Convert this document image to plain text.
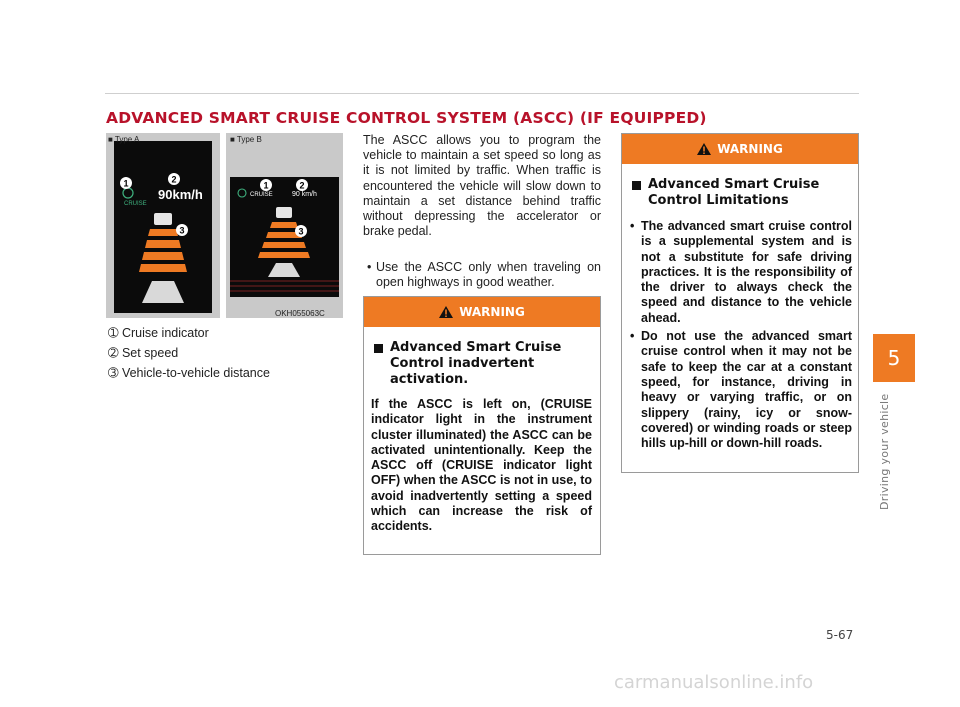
ADVANCED SMART CRUISE CONTROL SYSTEM (ASCC) (IF EQUIPPED)
CRUISE
90km/h
■ Type A
CRUISE	90 km/h
■ Type B
1	2
3
1	2
3
OKH055063C
➀ Cruise indicator
➁ Set speed
➂ Vehicle-to-vehicle distance
The ASCC allows you to program the vehicle to maintain a set speed so long as it is not limited by traffic. When traffic is encountered the vehicle will slow down to maintain a set distance behind traffic without depressing the accelerator or brake pedal.
• Use the ASCC only when traveling on open highways in good weather.
WARNING
Advanced Smart Cruise Control inadvertent activation.
If the ASCC is left on, (CRUISE indicator light in the instrument cluster illuminated) the ASCC can be activated unintentionally. Keep the ASCC off (CRUISE indicator light OFF) when the ASCC is not in use, to avoid inadvertently setting a speed which can increase the risk of accidents.
WARNING
Advanced Smart Cruise Control Limitations
• The advanced smart cruise control is a supplemental system and is not a substitute for safe driving practices. It is the responsibility of the driver to always check the speed and distance to the vehicle ahead.
• Do not use the advanced smart cruise control when it may not be safe to keep the car at a constant speed, for instance, driving in heavy or varying traffic, or on slippery (rainy, icy or snow-covered) or winding roads or steep hills up-hill or down-hill roads.
5
Driving your vehicle
5-67
carmanualsonline.info
